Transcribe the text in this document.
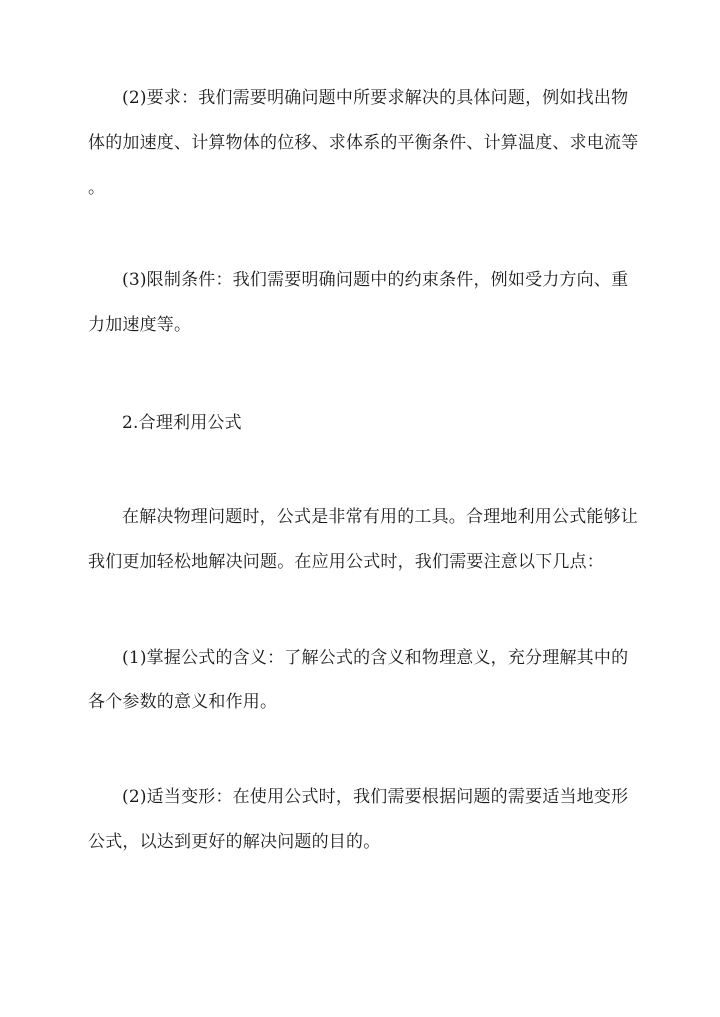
(2)要求：我们需要明确问题中所要求解决的具体问题，例如找出物
体的加速度、计算物体的位移、求体系的平衡条件、计算温度、求电流等
。
(3)限制条件：我们需要明确问题中的约束条件，例如受力方向、重
力加速度等。
2.合理利用公式
在解决物理问题时，公式是非常有用的工具。合理地利用公式能够让
我们更加轻松地解决问题。在应用公式时，我们需要注意以下几点：
(1)掌握公式的含义：了解公式的含义和物理意义，充分理解其中的
各个参数的意义和作用。
(2)适当变形：在使用公式时，我们需要根据问题的需要适当地变形
公式，以达到更好的解决问题的目的。
